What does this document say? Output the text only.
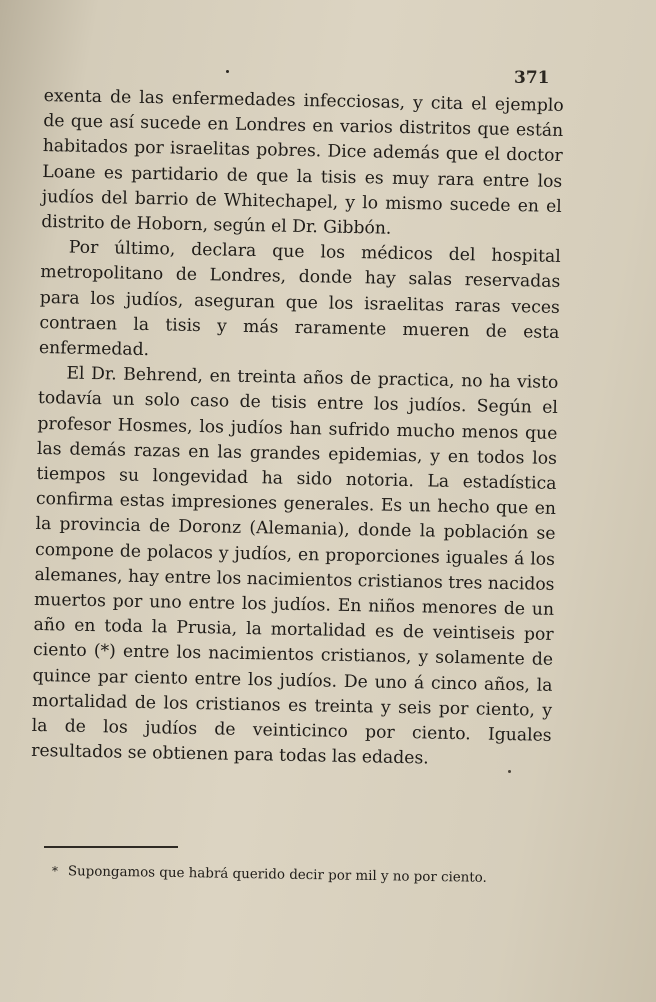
371

exenta de las enfermedades infecciosas, y cita el ejemplo de que así sucede en Londres en varios distritos que están habitados por israelitas pobres. Dice además que el doctor Loane es partidario de que la tisis es muy rara entre los judíos del barrio de Whitechapel, y lo mismo sucede en el distrito de Hoborn, según el Dr. Gibbón.

Por último, declara que los médicos del hospital metropolitano de Londres, donde hay salas reservadas para los judíos, aseguran que los israelitas raras veces contraen la tisis y más raramente mueren de esta enfermedad.

El Dr. Behrend, en treinta años de practica, no ha visto todavía un solo caso de tisis entre los judíos. Según el profesor Hosmes, los judíos han sufrido mucho menos que las demás razas en las grandes epidemias, y en todos los tiempos su longevidad ha sido notoria. La estadística confirma estas impresiones generales. Es un hecho que en la provincia de Doronz (Alemania), donde la población se compone de polacos y judíos, en proporciones iguales á los alemanes, hay entre los nacimientos cristianos tres nacidos muertos por uno entre los judíos. En niños menores de un año en toda la Prusia, la mortalidad es de veintiseis por ciento (*) entre los nacimientos cristianos, y solamente de quince par ciento entre los judíos. De uno á cinco años, la mortalidad de los cristianos es treinta y seis por ciento, y la de los judíos de veinticinco por ciento. Iguales resultados se obtienen para todas las edades.

* Supongamos que habrá querido decir por mil y no por ciento.
